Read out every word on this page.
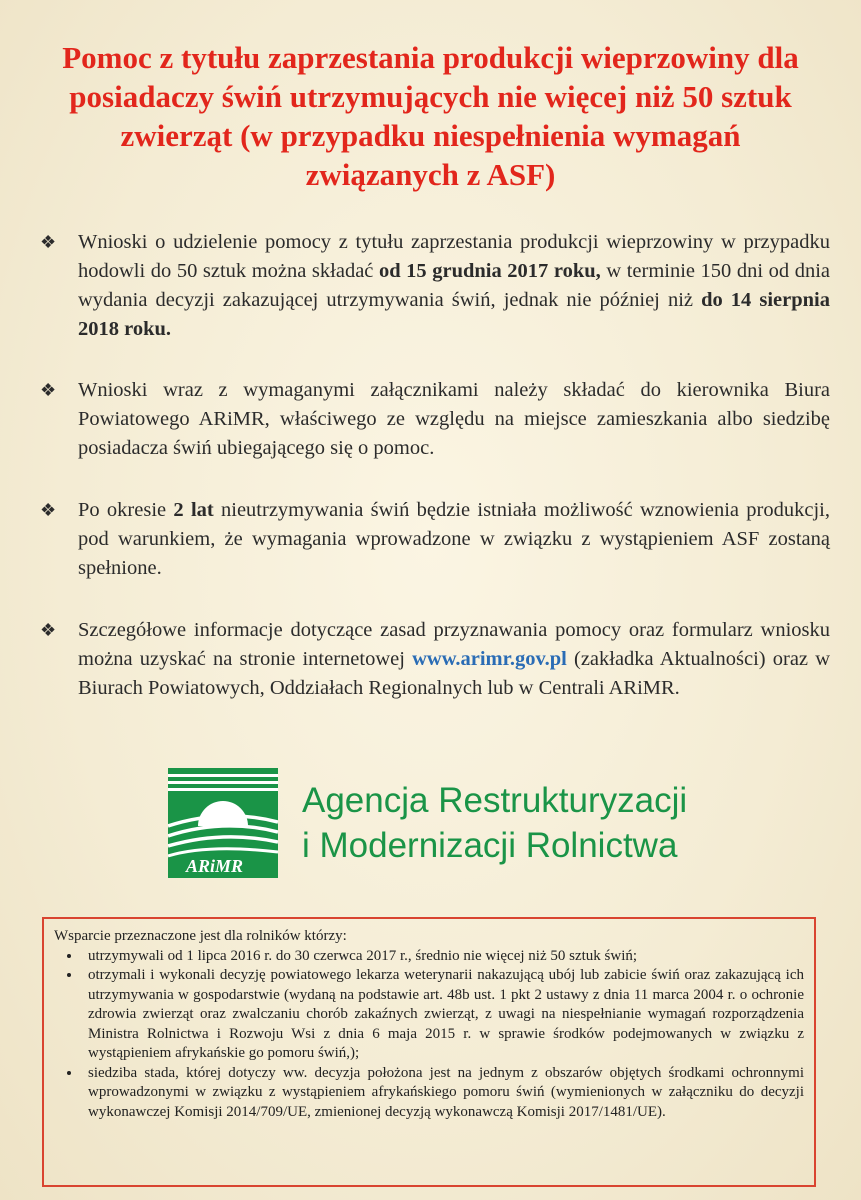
Pomoc z tytułu zaprzestania produkcji wieprzowiny dla posiadaczy świń utrzymujących nie więcej niż 50 sztuk zwierząt (w przypadku niespełnienia wymagań związanych z ASF)
❖ Wnioski o udzielenie pomocy z tytułu zaprzestania produkcji wieprzowiny w przypadku hodowli do 50 sztuk można składać od 15 grudnia 2017 roku, w terminie 150 dni od dnia wydania decyzji zakazującej utrzymywania świń, jednak nie później niż do 14 sierpnia 2018 roku.
❖ Wnioski wraz z wymaganymi załącznikami należy składać do kierownika Biura Powiatowego ARiMR, właściwego ze względu na miejsce zamieszkania albo siedzibę posiadacza świń ubiegającego się o pomoc.
❖ Po okresie 2 lat nieutrzymywania świń będzie istniała możliwość wznowienia produkcji, pod warunkiem, że wymagania wprowadzone w związku z wystąpieniem ASF zostaną spełnione.
❖ Szczegółowe informacje dotyczące zasad przyznawania pomocy oraz formularz wniosku można uzyskać na stronie internetowej www.arimr.gov.pl (zakładka Aktualności) oraz w Biurach Powiatowych, Oddziałach Regionalnych lub w Centrali ARiMR.
ARiMR
Agencja Restrukturyzacji
i Modernizacji Rolnictwa
Wsparcie przeznaczone jest dla rolników którzy:
• utrzymywali od 1 lipca 2016 r. do 30 czerwca 2017 r., średnio nie więcej niż 50 sztuk świń;
• otrzymali i wykonali decyzję powiatowego lekarza weterynarii nakazującą ubój lub zabicie świń oraz zakazującą ich utrzymywania w gospodarstwie (wydaną na podstawie art. 48b ust. 1 pkt 2 ustawy z dnia 11 marca 2004 r. o ochronie zdrowia zwierząt oraz zwalczaniu chorób zakaźnych zwierząt, z uwagi na niespełnianie wymagań rozporządzenia Ministra Rolnictwa i Rozwoju Wsi z dnia 6 maja 2015 r. w sprawie środków podejmowanych w związku z wystąpieniem afrykańskie go pomoru świń,);
• siedziba stada, której dotyczy ww. decyzja położona jest na jednym z obszarów objętych środkami ochronnymi wprowadzonymi w związku z wystąpieniem afrykańskiego pomoru świń (wymienionych w załączniku do decyzji wykonawczej Komisji 2014/709/UE, zmienionej decyzją wykonawczą Komisji 2017/1481/UE).
